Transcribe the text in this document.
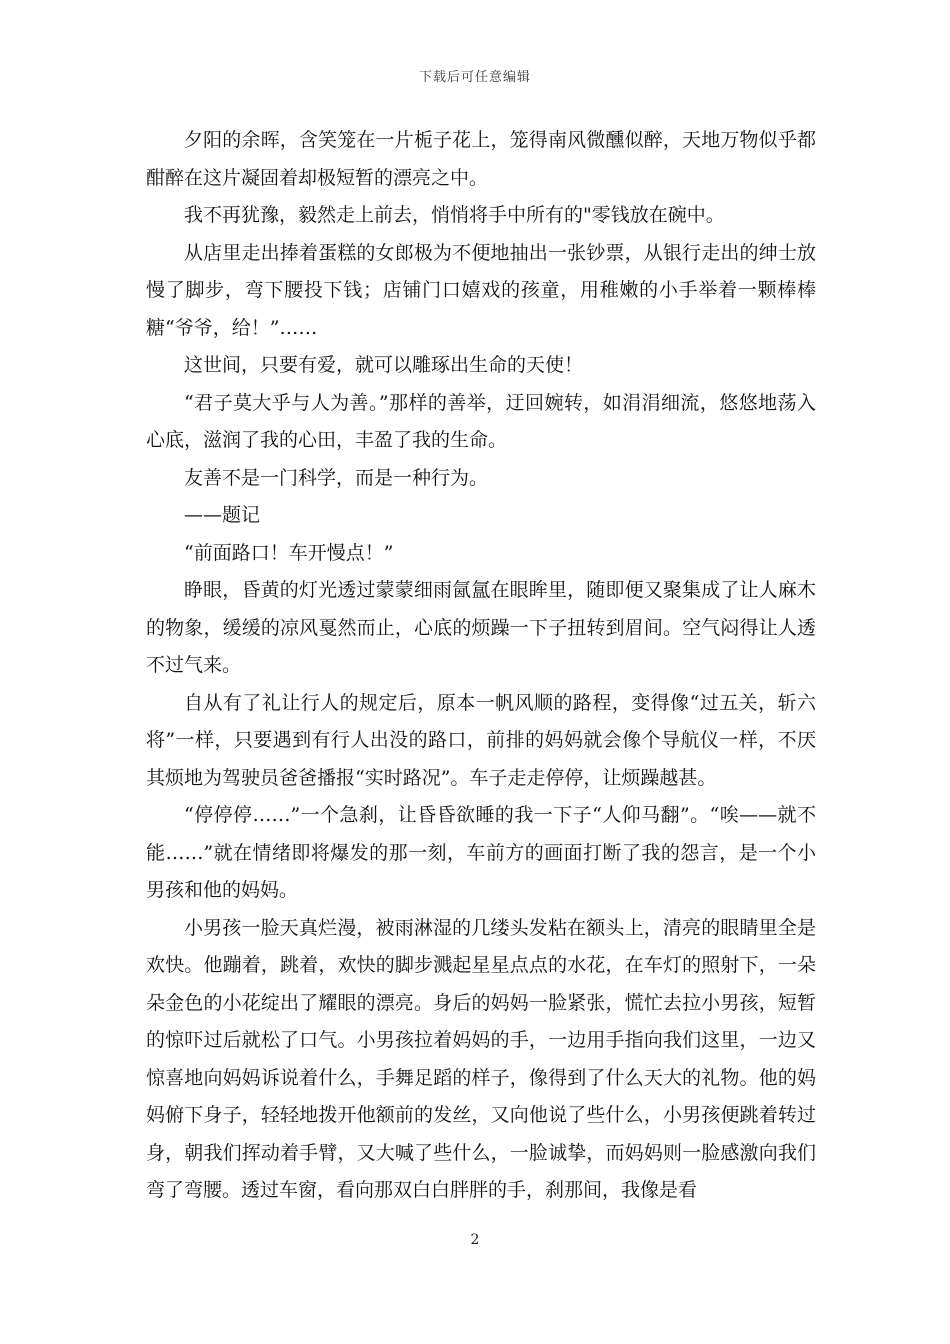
下载后可任意编辑

夕阳的余晖，含笑笼在一片栀子花上，笼得南风微醺似醉，天地万物似乎都酣醉在这片凝固着却极短暂的漂亮之中。

我不再犹豫，毅然走上前去，悄悄将手中所有的"零钱放在碗中。

从店里走出捧着蛋糕的女郎极为不便地抽出一张钞票，从银行走出的绅士放慢了脚步，弯下腰投下钱；店铺门口嬉戏的孩童，用稚嫩的小手举着一颗棒棒糖“爷爷，给！”……

这世间，只要有爱，就可以雕琢出生命的天使！

“君子莫大乎与人为善。”那样的善举，迂回婉转，如涓涓细流，悠悠地荡入心底，滋润了我的心田，丰盈了我的生命。

友善不是一门科学，而是一种行为。

——题记

“前面路口！车开慢点！”

睁眼，昏黄的灯光透过蒙蒙细雨氤氲在眼眸里，随即便又聚集成了让人麻木的物象，缓缓的凉风戛然而止，心底的烦躁一下子扭转到眉间。空气闷得让人透不过气来。

自从有了礼让行人的规定后，原本一帆风顺的路程，变得像“过五关，斩六将”一样，只要遇到有行人出没的路口，前排的妈妈就会像个导航仪一样，不厌其烦地为驾驶员爸爸播报“实时路况”。车子走走停停，让烦躁越甚。

“停停停……”一个急刹，让昏昏欲睡的我一下子“人仰马翻”。“唉——就不能……”就在情绪即将爆发的那一刻，车前方的画面打断了我的怨言，是一个小男孩和他的妈妈。

小男孩一脸天真烂漫，被雨淋湿的几缕头发粘在额头上，清亮的眼睛里全是欢快。他蹦着，跳着，欢快的脚步溅起星星点点的水花，在车灯的照射下，一朵朵金色的小花绽出了耀眼的漂亮。身后的妈妈一脸紧张，慌忙去拉小男孩，短暂的惊吓过后就松了口气。小男孩拉着妈妈的手，一边用手指向我们这里，一边又惊喜地向妈妈诉说着什么，手舞足蹈的样子，像得到了什么天大的礼物。他的妈妈俯下身子，轻轻地拨开他额前的发丝，又向他说了些什么，小男孩便跳着转过身，朝我们挥动着手臂，又大喊了些什么，一脸诚挚，而妈妈则一脸感激向我们弯了弯腰。透过车窗，看向那双白白胖胖的手，刹那间，我像是看

2
